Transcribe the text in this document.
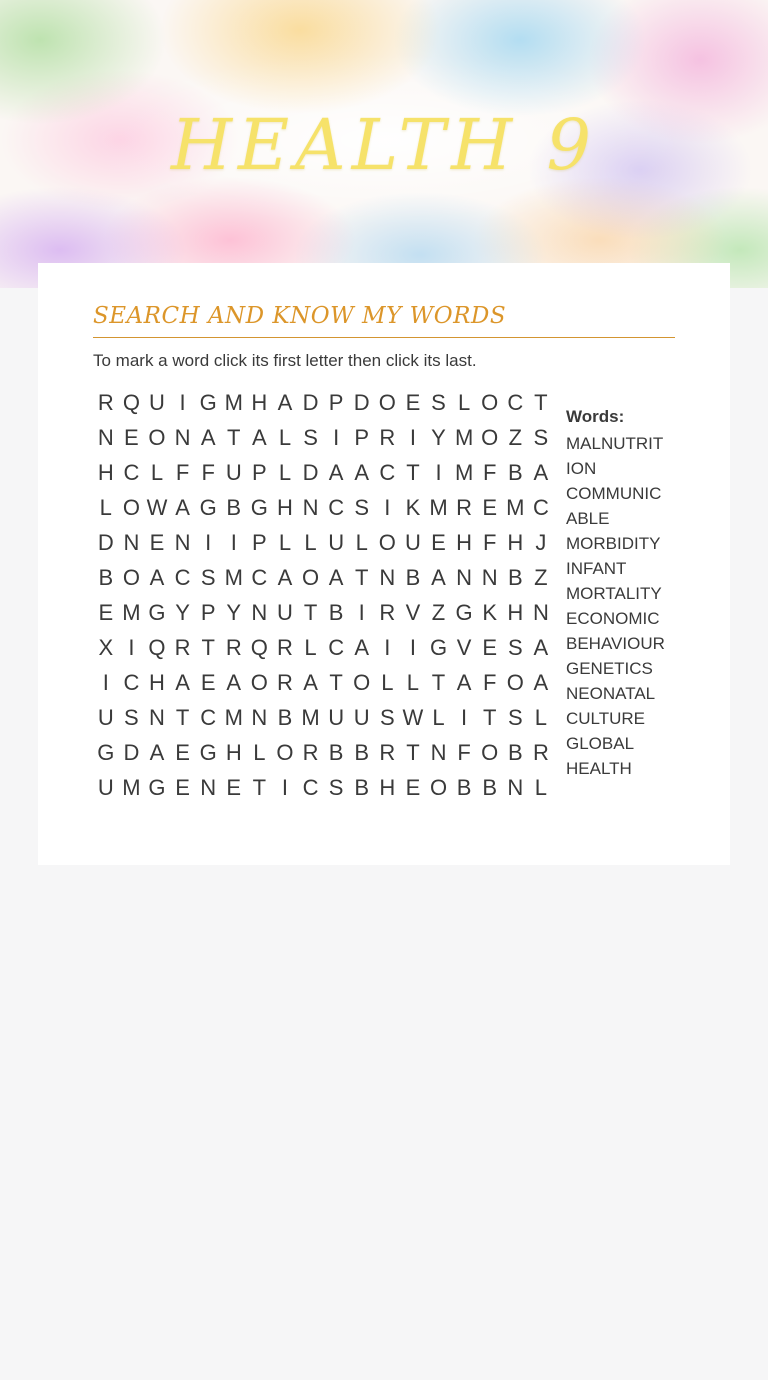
HEALTH 9
SEARCH AND KNOW MY WORDS
To mark a word click its first letter then click its last.
R Q U I G M H A D P D O E S L O C T
N E O N A T A L S I P R I Y M O Z S
H C L F F U P L D A A C T I M F B A
L O W A G B G H N C S I K M R E M C
D N E N I I P L L U L O U E H F H J
B O A C S M C A O A T N B A N N B Z
E M G Y P Y N U T B I R V Z G K H N
X I Q R T R Q R L C A I I G V E S A
I C H A E A O R A T O L L T A F O A
U S N T C M N B M U U S W L I T S L
G D A E G H L O R B B R T N F O B R
U M G E N E T I C S B H E O B B N L
Words:
MALNUTRITION
COMMUNICABLE
MORBIDITY
INFANT
MORTALITY
ECONOMIC
BEHAVIOUR
GENETICS
NEONATAL
CULTURE
GLOBAL HEALTH
